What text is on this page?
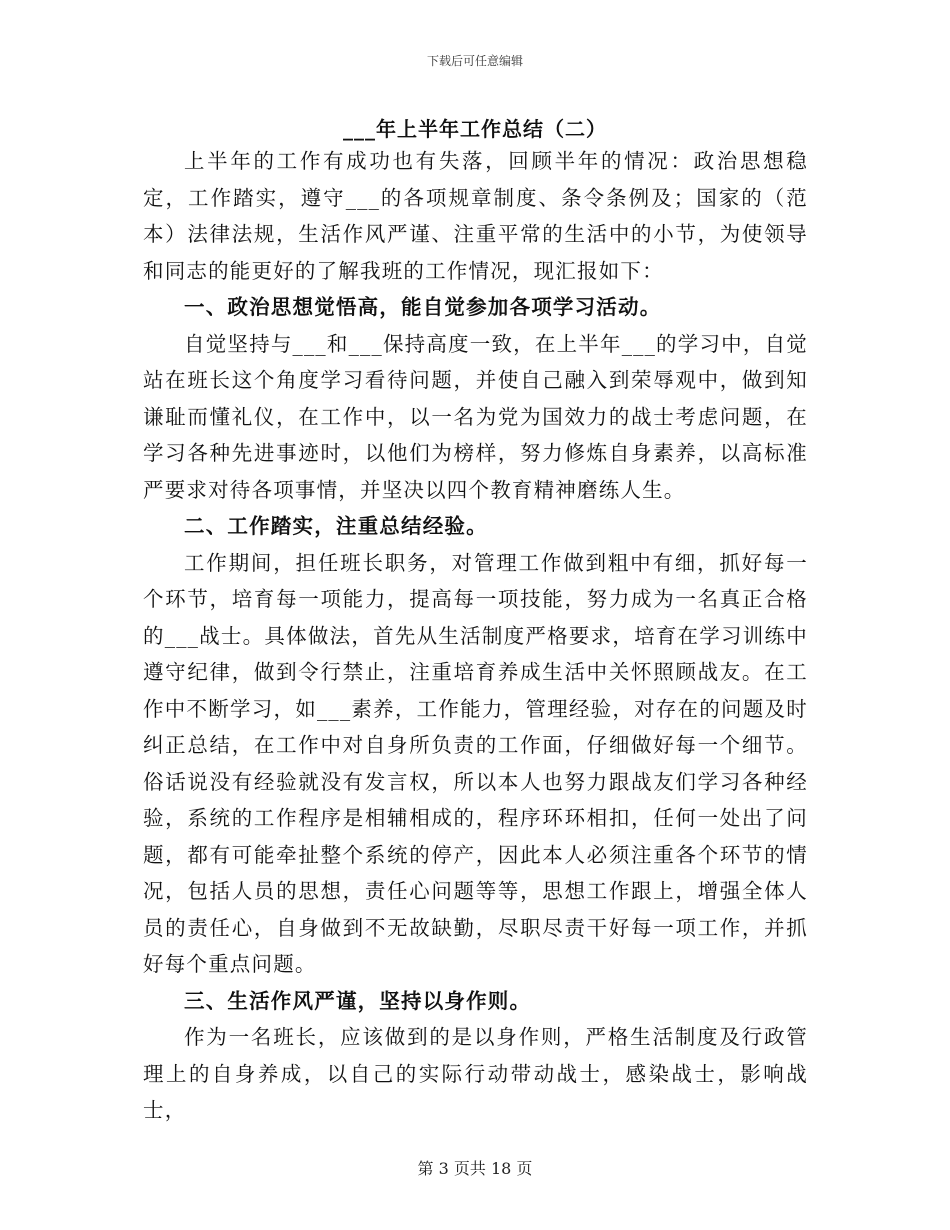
下载后可任意编辑
___年上半年工作总结（二）

上半年的工作有成功也有失落，回顾半年的情况：政治思想稳定，工作踏实，遵守___的各项规章制度、条令条例及；国家的（范本）法律法规，生活作风严谨、注重平常的生活中的小节，为使领导和同志的能更好的了解我班的工作情况，现汇报如下：

一、政治思想觉悟高，能自觉参加各项学习活动。

自觉坚持与___和___保持高度一致，在上半年___的学习中，自觉站在班长这个角度学习看待问题，并使自己融入到荣辱观中，做到知谦耻而懂礼仪，在工作中，以一名为党为国效力的战士考虑问题，在学习各种先进事迹时，以他们为榜样，努力修炼自身素养，以高标准严要求对待各项事情，并坚决以四个教育精神磨练人生。

二、工作踏实，注重总结经验。

工作期间，担任班长职务，对管理工作做到粗中有细，抓好每一个环节，培育每一项能力，提高每一项技能，努力成为一名真正合格的___战士。具体做法，首先从生活制度严格要求，培育在学习训练中遵守纪律，做到令行禁止，注重培育养成生活中关怀照顾战友。在工作中不断学习，如___素养，工作能力，管理经验，对存在的问题及时纠正总结，在工作中对自身所负责的工作面，仔细做好每一个细节。俗话说没有经验就没有发言权，所以本人也努力跟战友们学习各种经验，系统的工作程序是相辅相成的，程序环环相扣，任何一处出了问题，都有可能牵扯整个系统的停产，因此本人必须注重各个环节的情况，包括人员的思想，责任心问题等等，思想工作跟上，增强全体人员的责任心，自身做到不无故缺勤，尽职尽责干好每一项工作，并抓好每个重点问题。

三、生活作风严谨，坚持以身作则。

作为一名班长，应该做到的是以身作则，严格生活制度及行政管理上的自身养成，以自己的实际行动带动战士，感染战士，影响战士，

第 3 页共 18 页
